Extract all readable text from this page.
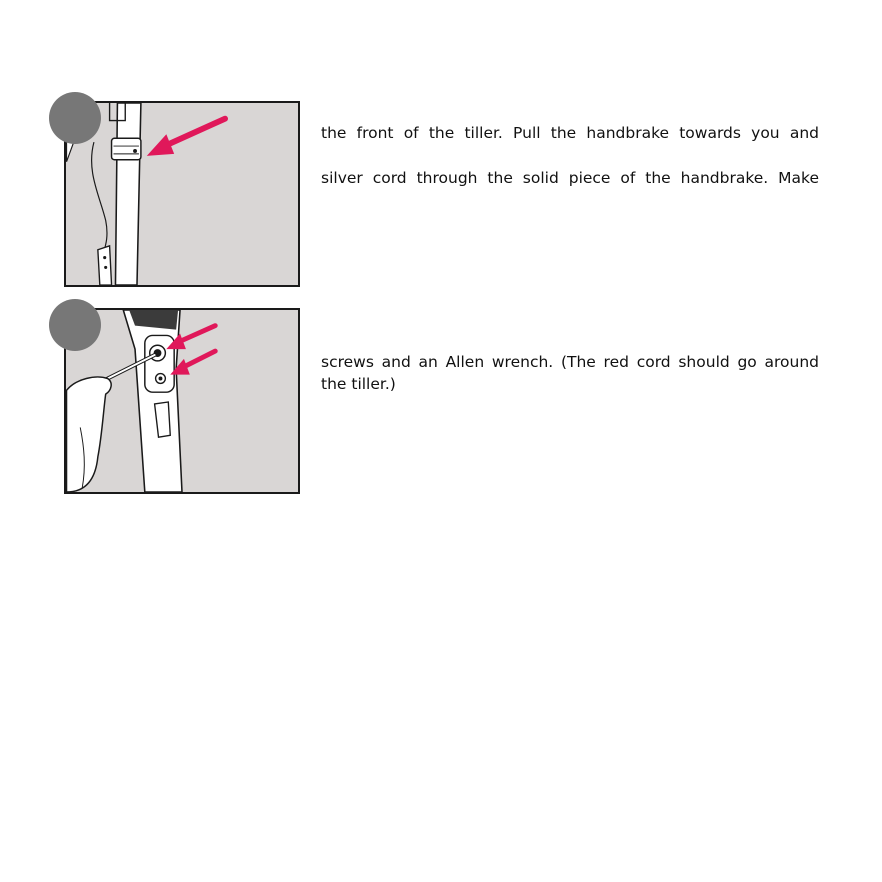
the front of the tiller. Pull the handbrake towards you and

silver cord through the solid piece of the handbrake. Make

screws and an Allen wrench. (The red cord should go around

the tiller.)
